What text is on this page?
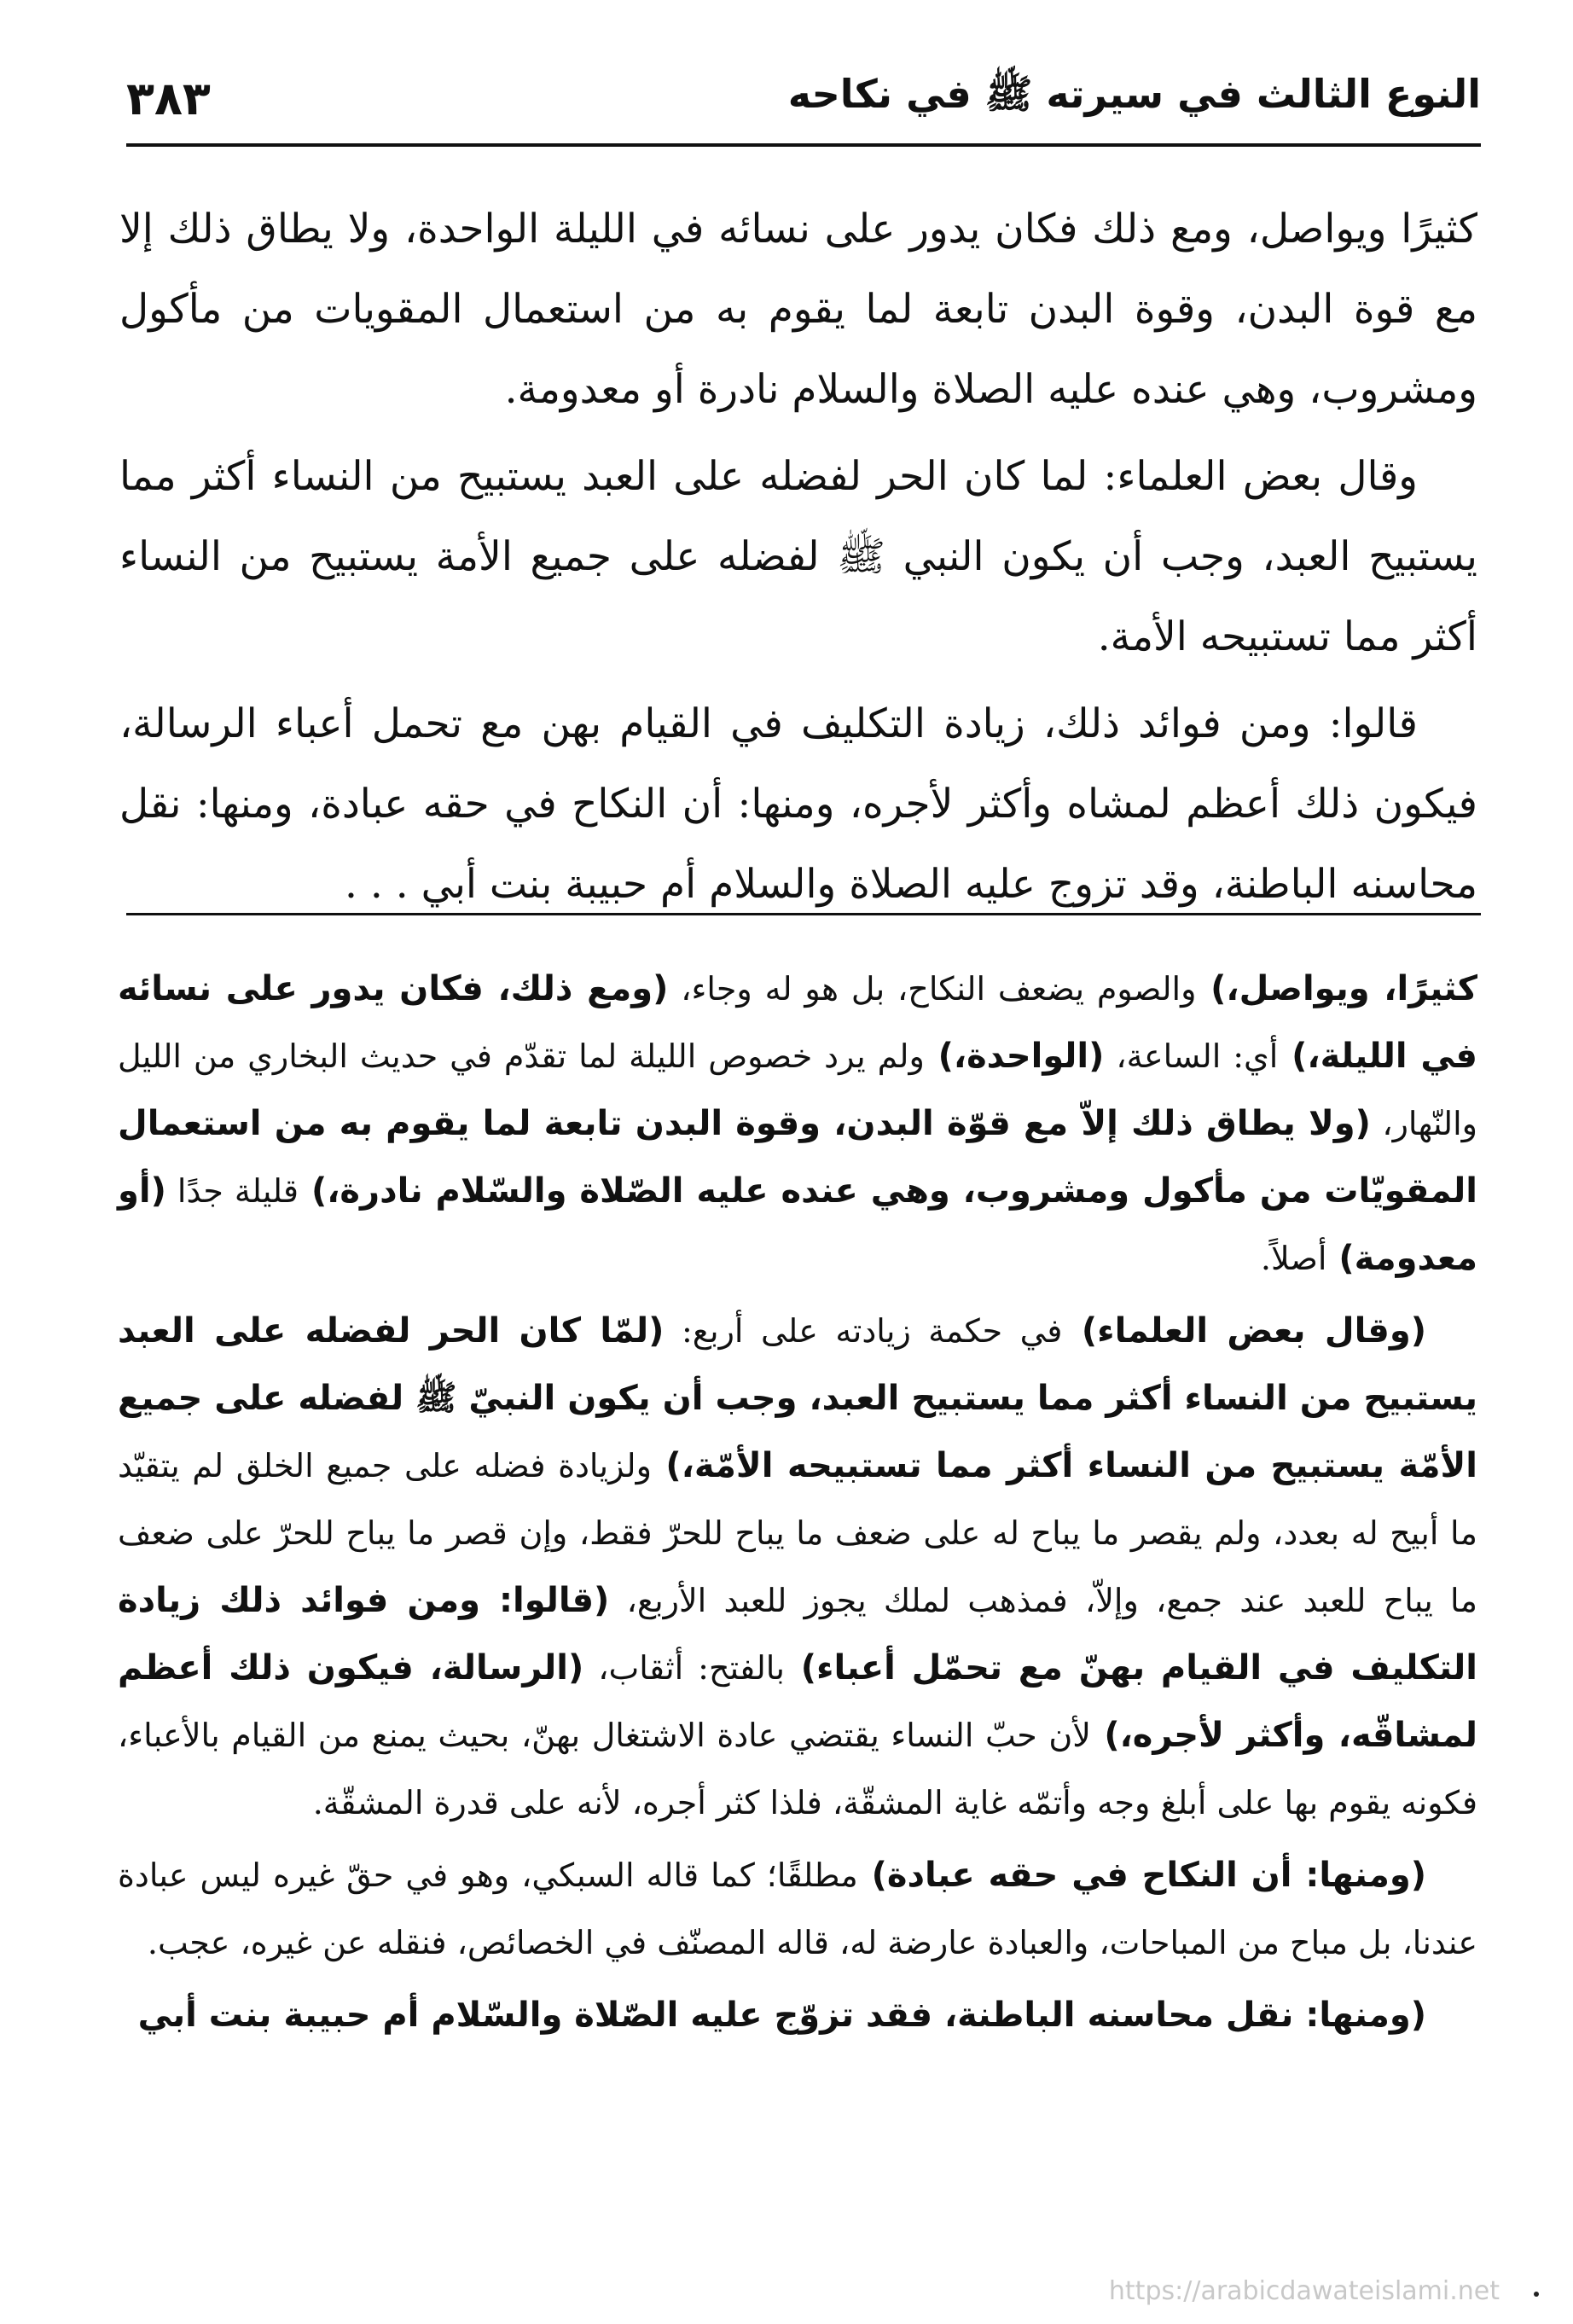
النوع الثالث في سيرته ﷺ في نكاحه
٣٨٣

كثيرًا ويواصل، ومع ذلك فكان يدور على نسائه في الليلة الواحدة، ولا يطاق ذلك إلا مع قوة البدن، وقوة البدن تابعة لما يقوم به من استعمال المقويات من مأكول ومشروب، وهي عنده عليه الصلاة والسلام نادرة أو معدومة.

وقال بعض العلماء: لما كان الحر لفضله على العبد يستبيح من النساء أكثر مما يستبيح العبد، وجب أن يكون النبي ﷺ لفضله على جميع الأمة يستبيح من النساء أكثر مما تستبيحه الأمة.

قالوا: ومن فوائد ذلك، زيادة التكليف في القيام بهن مع تحمل أعباء الرسالة، فيكون ذلك أعظم لمشاه وأكثر لأجره، ومنها: أن النكاح في حقه عبادة، ومنها: نقل محاسنه الباطنة، وقد تزوج عليه الصلاة والسلام أم حبيبة بنت أبي . . .

كثيرًا، ويواصل،) والصوم يضعف النكاح، بل هو له وجاء، (ومع ذلك، فكان يدور على نسائه في الليلة،) أي: الساعة، (الواحدة،) ولم يرد خصوص الليلة لما تقدّم في حديث البخاري من الليل والنّهار، (ولا يطاق ذلك إلاّ مع قوّة البدن، وقوة البدن تابعة لما يقوم به من استعمال المقويّات من مأكول ومشروب، وهي عنده عليه الصّلاة والسّلام نادرة،) قليلة جدًا (أو معدومة) أصلاً.

(وقال بعض العلماء) في حكمة زيادته على أربع: (لمّا كان الحر لفضله على العبد يستبيح من النساء أكثر مما يستبيح العبد، وجب أن يكون النبيّ ﷺ لفضله على جميع الأمّة يستبيح من النساء أكثر مما تستبيحه الأمّة،) ولزيادة فضله على جميع الخلق لم يتقيّد ما أبيح له بعدد، ولم يقصر ما يباح له على ضعف ما يباح للحرّ فقط، وإن قصر ما يباح للحرّ على ضعف ما يباح للعبد عند جمع، وإلاّ، فمذهب لملك يجوز للعبد الأربع، (قالوا: ومن فوائد ذلك زيادة التكليف في القيام بهنّ مع تحمّل أعباء) بالفتح: أثقاب، (الرسالة، فيكون ذلك أعظم لمشاقّه، وأكثر لأجره،) لأن حبّ النساء يقتضي عادة الاشتغال بهنّ، بحيث يمنع من القيام بالأعباء، فكونه يقوم بها على أبلغ وجه وأتمّه غاية المشقّة، فلذا كثر أجره، لأنه على قدرة المشقّة.

(ومنها: أن النكاح في حقه عبادة) مطلقًا؛ كما قاله السبكي، وهو في حقّ غيره ليس عبادة عندنا، بل مباح من المباحات، والعبادة عارضة له، قاله المصنّف في الخصائص، فنقله عن غيره، عجب.

(ومنها: نقل محاسنه الباطنة، فقد تزوّج عليه الصّلاة والسّلام أم حبيبة بنت أبي

https://arabicdawateislami.net
